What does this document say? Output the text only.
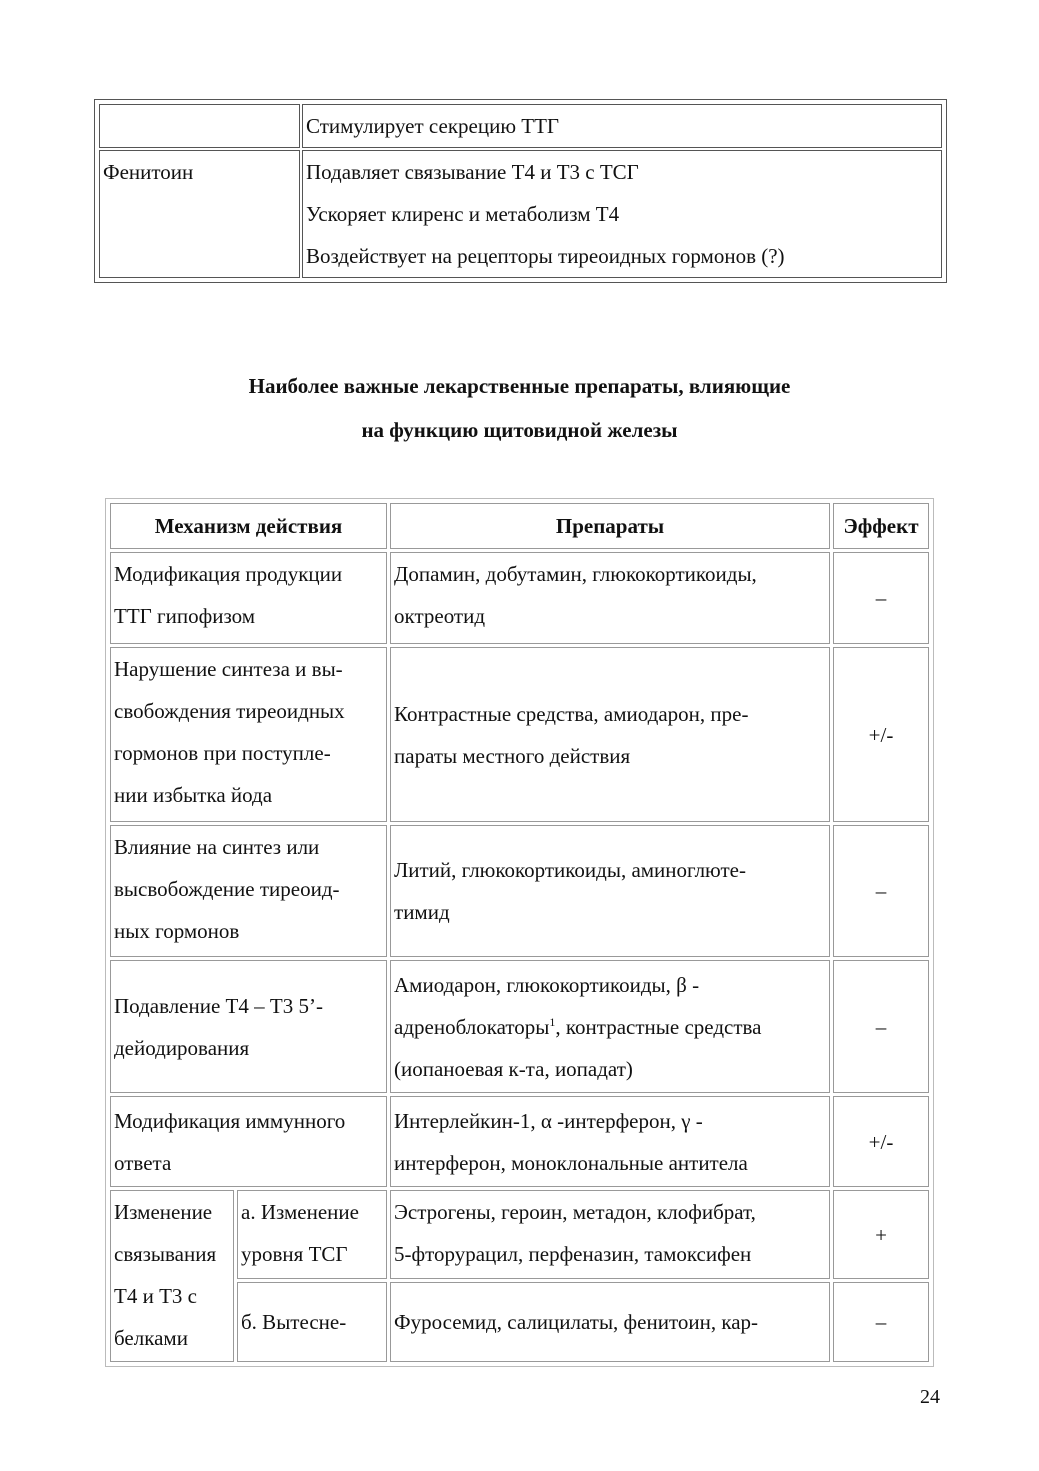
	Стимулирует секрецию ТТГ

Фенитоин	Подавляет связывание Т4 и Т3 с ТСГ
Ускоряет клиренс и метаболизм Т4
Воздействует на рецепторы тиреоидных гормонов (?)
Наиболее важные лекарственные препараты, влияющие
на функцию щитовидной железы
Механизм действия		Препараты	Эффект

Модификация продукции
ТТГ гипофизом		Допамин, добутамин, глюкокортикоиды,
октреотид	–

Нарушение синтеза и вы-
свобождения тиреоидных
гормонов при поступле-
нии избытка йода		Контрастные средства, амиодарон, пре-
параты местного действия	+/-

Влияние на синтез или
высвобождение тиреоид-
ных гормонов		Литий, глюкокортикоиды, аминоглюте-
тимид	–

Подавление Т4 – Т3 5’-
дейодирования		Амиодарон, глюкокортикоиды, β -
адреноблокаторы$^1$, контрастные средства
(иопаноевая к-та, иопадат)	–

Модификация иммунного
ответа		Интерлейкин-1, α -интерферон, γ -
интерферон, моноклональные антитела	+/-

Изменение
связывания
Т4 и Т3 с
белками	а. Изменение
уровня ТСГ	Эстрогены, героин, метадон, клофибрат,
5-фторурацил, перфеназин, тамоксифен	+
	б. Вытесне-	Фуросемид, салицилаты, фенитоин, кар-	–
24
